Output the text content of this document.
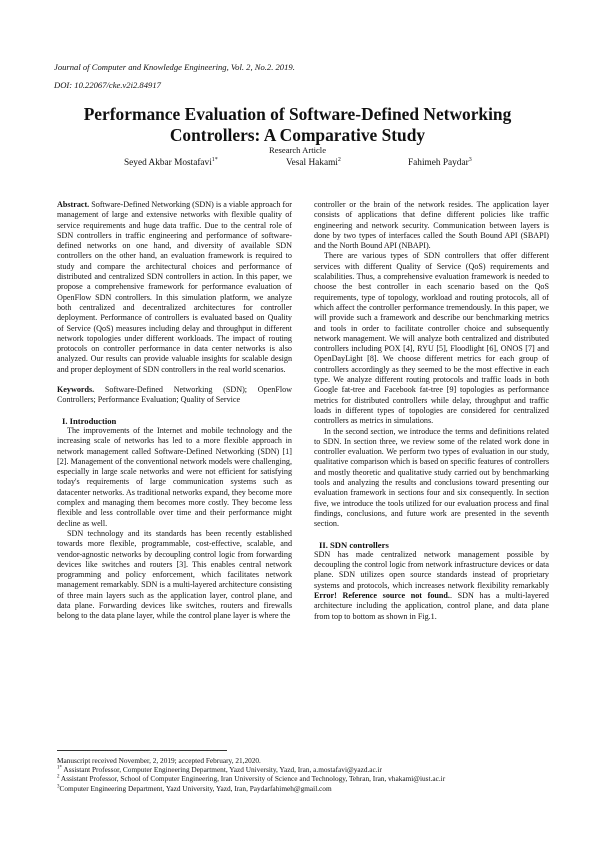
Journal of Computer and Knowledge Engineering, Vol. 2, No.2. 2019.
DOI: 10.22067/cke.v2i2.84917
Performance Evaluation of Software-Defined Networking Controllers: A Comparative Study
Research Article
Seyed Akbar Mostafavi$^{1*}$	Vesal Hakami$^2$	Fahimeh Paydar$^3$

Abstract. Software-Defined Networking (SDN) is a viable approach for management of large and extensive networks with flexible quality of service requirements and huge data traffic. Due to the central role of SDN controllers in traffic engineering and performance of software-defined networks on one hand, and diversity of available SDN controllers on the other hand, an evaluation framework is required to study and compare the architectural choices and performance of distributed and centralized SDN controllers in action. In this paper, we propose a comprehensive framework for performance evaluation of OpenFlow SDN controllers. In this simulation platform, we analyze both centralized and decentralized architectures for controller deployment. Performance of controllers is evaluated based on Quality of Service (QoS) measures including delay and throughput in different network topologies under different workloads. The impact of routing protocols on controller performance in data center networks is also analyzed. Our results can provide valuable insights for scalable design and proper deployment of SDN controllers in the real world scenarios.

Keywords. Software-Defined Networking (SDN); OpenFlow Controllers; Performance Evaluation; Quality of Service

I. Introduction

The improvements of the Internet and mobile technology and the increasing scale of networks has led to a more flexible approach in network management called Software-Defined Networking (SDN) [1][2]. Management of the conventional network models were challenging, especially in large scale networks and were not efficient for satisfying today's requirements of large communication systems such as datacenter networks. As traditional networks expand, they become more complex and managing them becomes more costly. They become less flexible and less controllable over time and their performance might decline as well.

SDN technology and its standards has been recently established towards more flexible, programmable, cost-effective, scalable, and vendor-agnostic networks by decoupling control logic from forwarding devices like switches and routers [3]. This enables central network programming and policy enforcement, which facilitates network management remarkably. SDN is a multi-layered architecture consisting of three main layers such as the application layer, control plane, and data plane. Forwarding devices like switches, routers and firewalls belong to the data plane layer, while the control plane layer is where the

controller or the brain of the network resides. The application layer consists of applications that define different policies like traffic engineering and network security. Communication between layers is done by two types of interfaces called the South Bound API (SBAPI) and the North Bound API (NBAPI).

There are various types of SDN controllers that offer different services with different Quality of Service (QoS) requirements and scalabilities. Thus, a comprehensive evaluation framework is needed to choose the best controller in each scenario based on the QoS requirements, type of topology, workload and routing protocols, all of which affect the controller performance tremendously. In this paper, we will provide such a framework and describe our benchmarking metrics and tools in order to facilitate controller choice and subsequently network management. We will analyze both centralized and distributed controllers including POX [4], RYU [5], Floodlight [6], ONOS [7] and OpenDayLight [8]. We choose different metrics for each group of controllers accordingly as they seemed to be the most effective in each type. We analyze different routing protocols and traffic loads in both Google fat-tree and Facebook fat-tree [9] topologies as performance metrics for distributed controllers while delay, throughput and traffic loads in different types of topologies are considered for centralized controllers as metrics in simulations.

In the second section, we introduce the terms and definitions related to SDN. In section three, we review some of the related work done in controller evaluation. We perform two types of evaluation in our study, qualitative comparison which is based on specific features of controllers and mostly theoretic and qualitative study carried out by benchmarking tools and analyzing the results and conclusions toward presenting our evaluation framework in sections four and six consequently. In section five, we introduce the tools utilized for our evaluation process and final findings, conclusions, and future work are presented in the seventh section.

II. SDN controllers

SDN has made centralized network management possible by decoupling the control logic from network infrastructure devices or data plane. SDN utilizes open source standards instead of proprietary systems and protocols, which increases network flexibility remarkably Error! Reference source not found.. SDN has a multi-layered architecture including the application, control plane, and data plane from top to bottom as shown in Fig.1.

Manuscript received November, 2, 2019; accepted February, 21,2020.
$^{1*}$ Assistant Professor, Computer Engineering Department, Yazd University, Yazd, Iran, a.mostafavi@yazd.ac.ir
$^2$ Assistant Professor, School of Computer Engineering, Iran University of Science and Technology, Tehran, Iran, vhakami@iust.ac.ir
$^3$Computer Engineering Department, Yazd University, Yazd, Iran, Paydarfahimeh@gmail.com
